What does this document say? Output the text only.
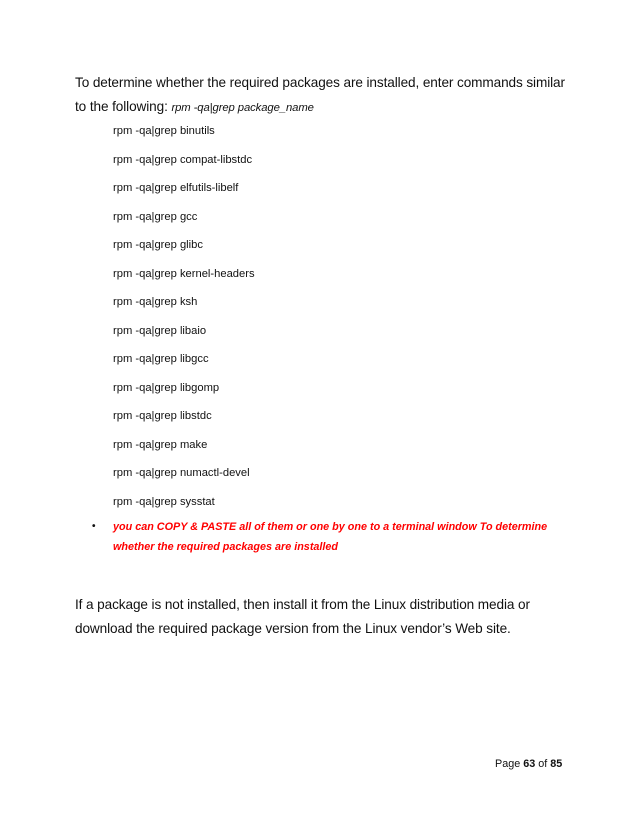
To determine whether the required packages are installed, enter commands similar to the following: rpm -qa|grep package_name
rpm -qa|grep binutils
rpm -qa|grep compat-libstdc
rpm -qa|grep elfutils-libelf
rpm -qa|grep gcc
rpm -qa|grep glibc
rpm -qa|grep kernel-headers
rpm -qa|grep ksh
rpm -qa|grep libaio
rpm -qa|grep libgcc
rpm -qa|grep libgomp
rpm -qa|grep libstdc
rpm -qa|grep make
rpm -qa|grep numactl-devel
rpm -qa|grep sysstat
• you can COPY & PASTE all of them or one by one to a terminal window To determine whether the required packages are installed
If a package is not installed, then install it from the Linux distribution media or download the required package version from the Linux vendor’s Web site.
Page 63 of 85
